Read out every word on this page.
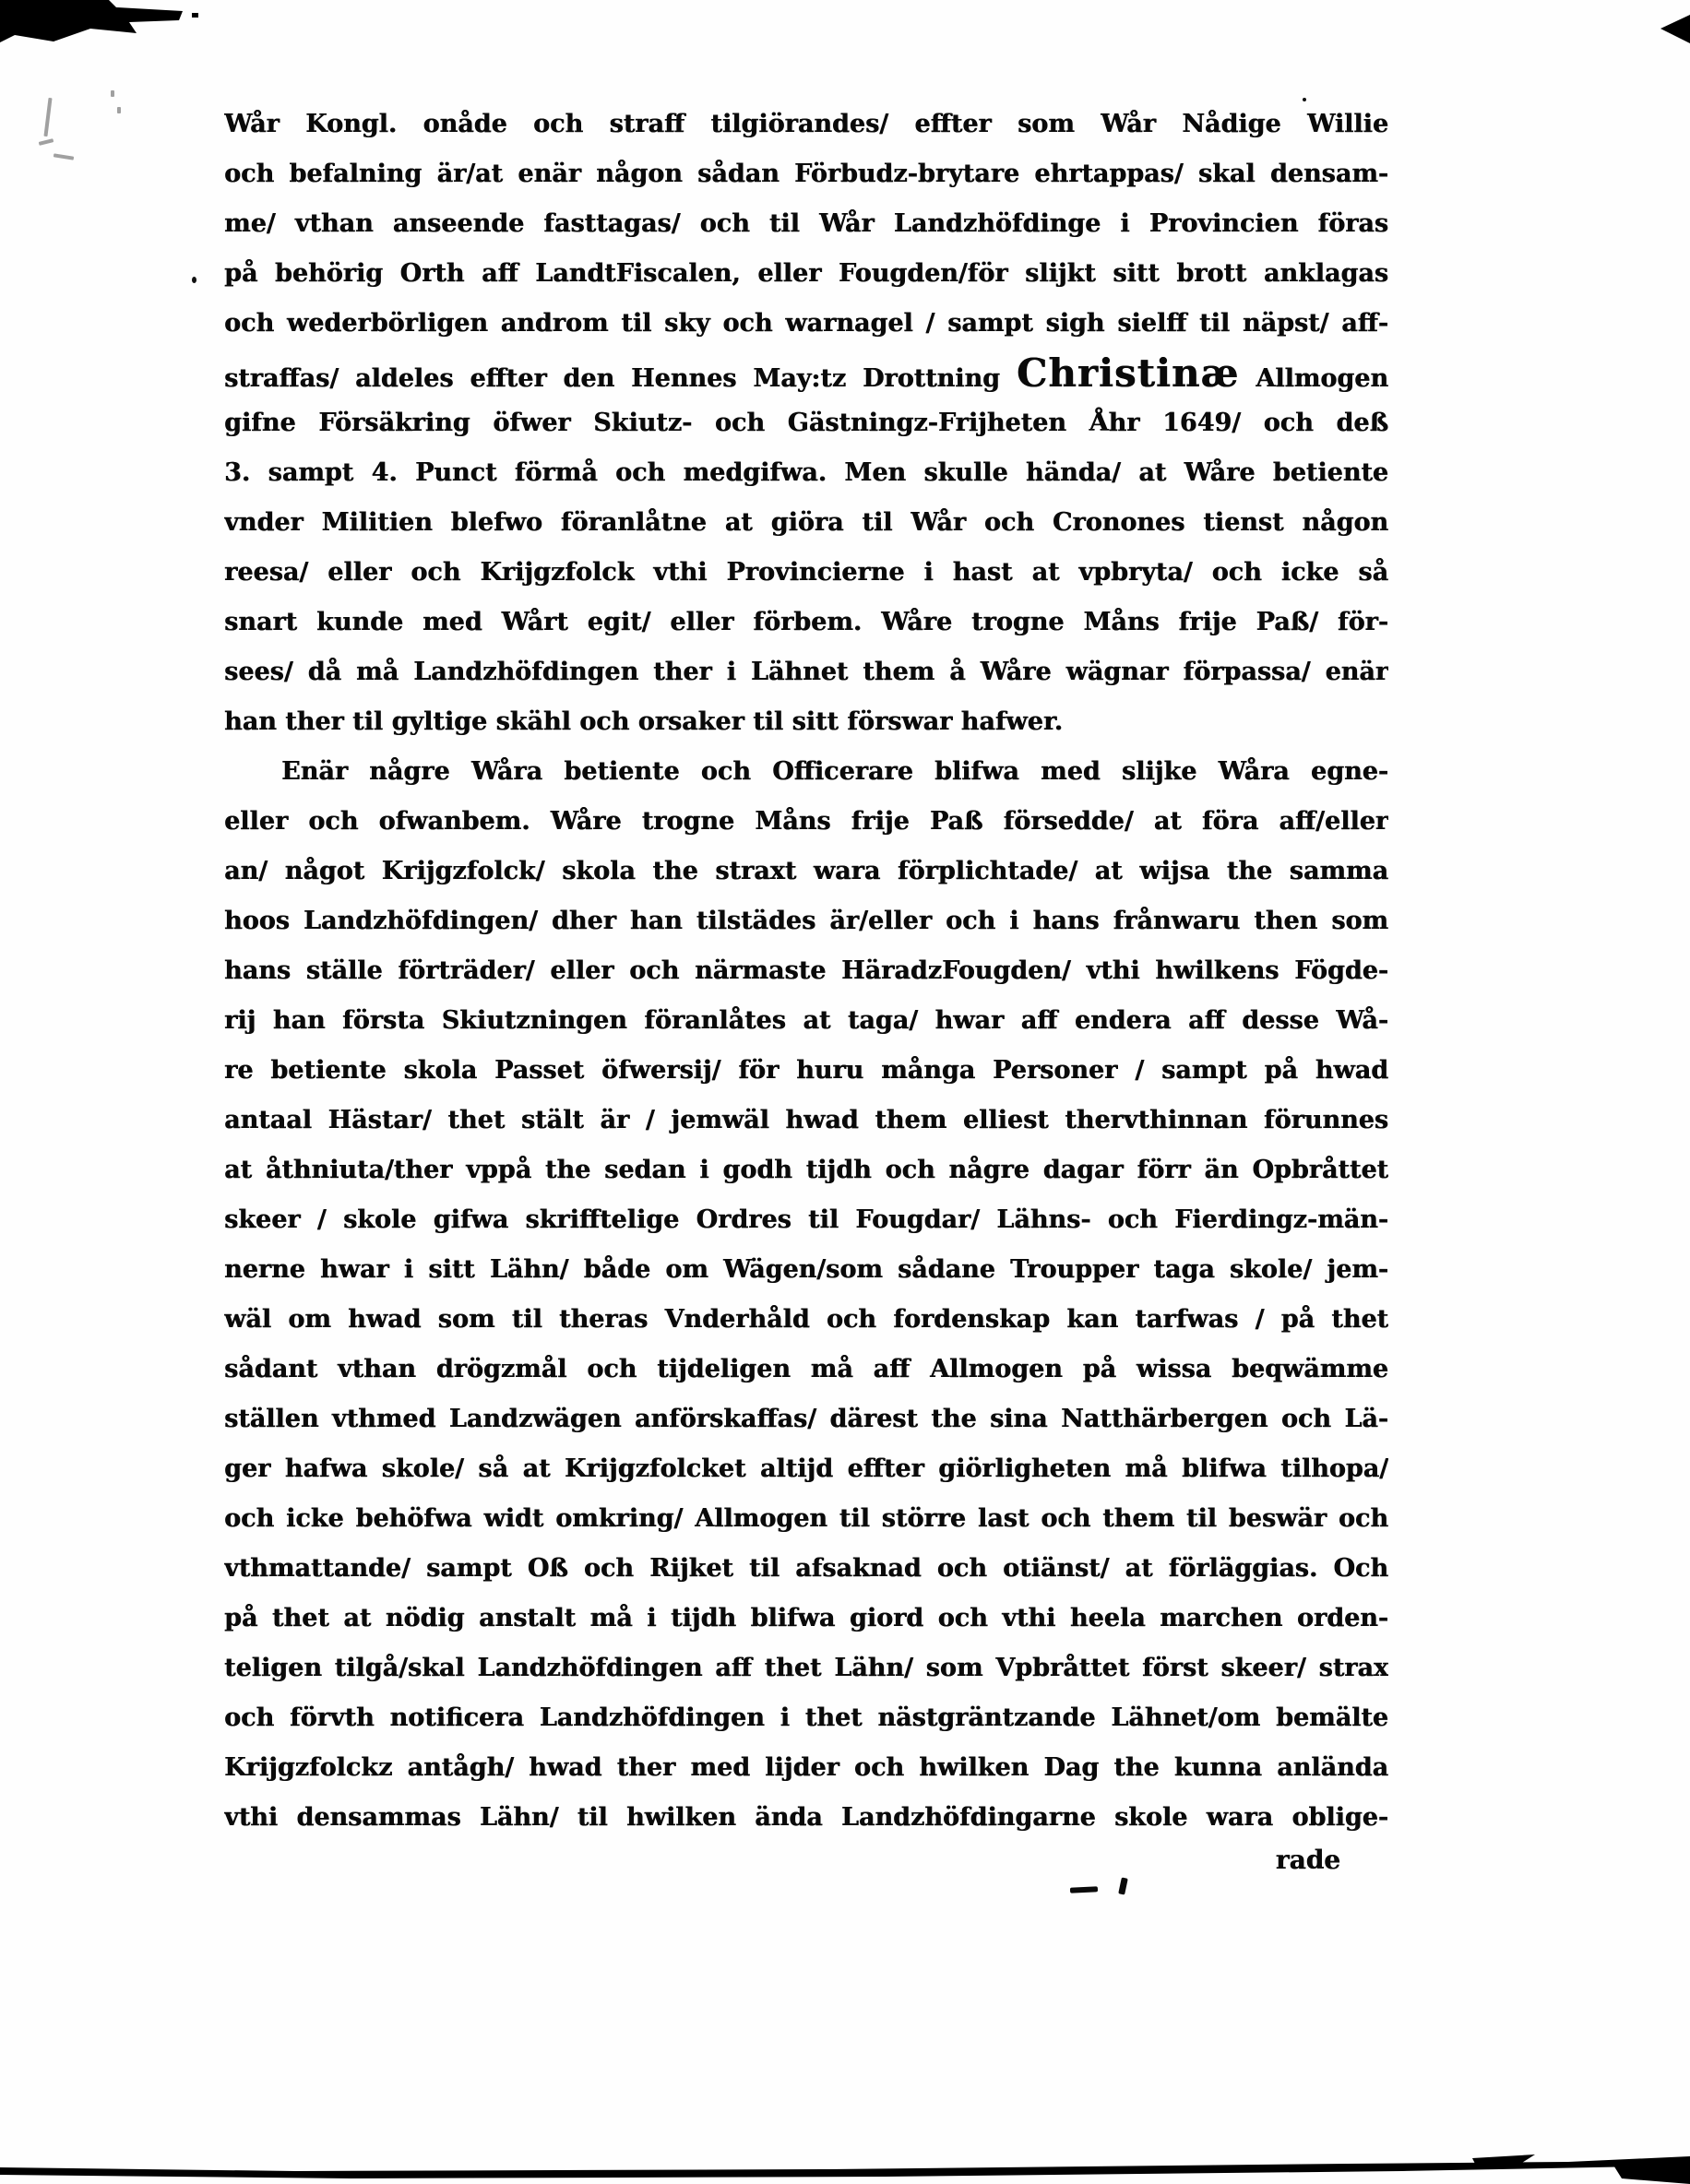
Wår Kongl. onåde och straff tilgiörandes/ effter som Wår Nådige Willie
och befalning är/at enär någon sådan Förbudz-brytare ehrtappas/ skal densam-
me/ vthan anseende fasttagas/ och til Wår Landzhöfdinge i Provincien föras
på behörig Orth aff LandtFiscalen, eller Fougden/för slijkt sitt brott anklagas
och wederbörligen androm til sky och warnagel / sampt sigh sielff til näpst/ aff-
straffas/ aldeles effter den Hennes May:tz Drottning Christinæ Allmogen
gifne Försäkring öfwer Skiutz- och Gästningz-Frijheten Åhr 1649/ och deß
3. sampt 4. Punct förmå och medgifwa. Men skulle hända/ at Wåre betiente
vnder Militien blefwo föranlåtne at giöra til Wår och Cronones tienst någon
reesa/ eller och Krijgzfolck vthi Provincierne i hast at vpbryta/ och icke så
snart kunde med Wårt egit/ eller förbem. Wåre trogne Måns frije Paß/ för-
sees/ då må Landzhöfdingen ther i Lähnet them å Wåre wägnar förpassa/ enär
han ther til gyltige skähl och orsaker til sitt förswar hafwer.
Enär någre Wåra betiente och Officerare blifwa med slijke Wåra egne-
eller och ofwanbem. Wåre trogne Måns frije Paß försedde/ at föra aff/eller
an/ något Krijgzfolck/ skola the straxt wara förplichtade/ at wijsa the samma
hoos Landzhöfdingen/ dher han tilstädes är/eller och i hans frånwaru then som
hans ställe förträder/ eller och närmaste HäradzFougden/ vthi hwilkens Fögde-
rij han första Skiutzningen föranlåtes at taga/ hwar aff endera aff desse Wå-
re betiente skola Passet öfwersij/ för huru många Personer / sampt på hwad
antaal Hästar/ thet stält är / jemwäl hwad them elliest thervthinnan förunnes
at åthniuta/ther vppå the sedan i godh tijdh och någre dagar förr än Opbråttet
skeer / skole gifwa skrifftelige Ordres til Fougdar/ Lähns- och Fierdingz-män-
nerne hwar i sitt Lähn/ både om Wägen/som sådane Troupper taga skole/ jem-
wäl om hwad som til theras Vnderhåld och fordenskap kan tarfwas / på thet
sådant vthan drögzmål och tijdeligen må aff Allmogen på wissa beqwämme
ställen vthmed Landzwägen anförskaffas/ därest the sina Natthärbergen och Lä-
ger hafwa skole/ så at Krijgzfolcket altijd effter giörligheten må blifwa tilhopa/
och icke behöfwa widt omkring/ Allmogen til större last och them til beswär och
vthmattande/ sampt Oß och Rijket til afsaknad och otiänst/ at förläggias. Och
på thet at nödig anstalt må i tijdh blifwa giord och vthi heela marchen orden-
teligen tilgå/skal Landzhöfdingen aff thet Lähn/ som Vpbråttet först skeer/ strax
och förvth notificera Landzhöfdingen i thet nästgräntzande Lähnet/om bemälte
Krijgzfolckz antågh/ hwad ther med lijder och hwilken Dag the kunna anlända
vthi densammas Lähn/ til hwilken ända Landzhöfdingarne skole wara oblige-
rade
